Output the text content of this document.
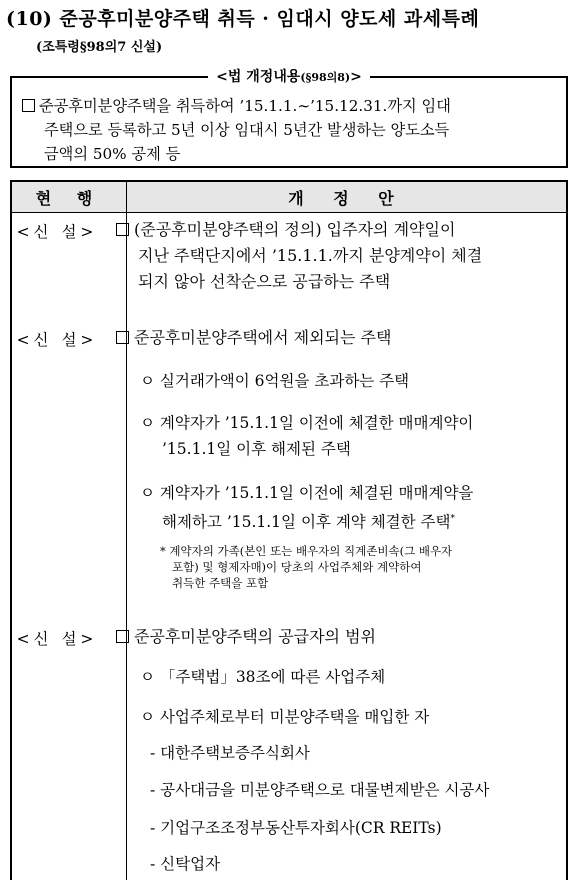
(10) 준공후미분양주택 취득 · 임대시 양도세 과세특례
(조특령§98의7 신설)
<법 개정내용(§98의8)>
준공후미분양주택을 취득하여 ’15.1.1.∼’15.12.31.까지 임대
주택으로 등록하고 5년 이상 임대시 5년간 발생하는 양도소득
금액의 50% 공제 등
현 행	개 정 안
<신 설>	(준공후미분양주택의 정의) 입주자의 계약일이
지난 주택단지에서 ’15.1.1.까지 분양계약이 체결
되지 않아 선착순으로 공급하는 주택
<신 설>	준공후미분양주택에서 제외되는 주택
ㅇ 실거래가액이 6억원을 초과하는 주택
ㅇ 계약자가 ’15.1.1일 이전에 체결한 매매계약이
’15.1.1일 이후 해제된 주택
ㅇ 계약자가 ’15.1.1일 이전에 체결된 매매계약을
해제하고 ’15.1.1일 이후 계약 체결한 주택*
* 계약자의 가족(본인 또는 배우자의 직계존비속(그 배우자
포함) 및 형제자매)이 당초의 사업주체와 계약하여
취득한 주택을 포함
<신 설>	준공후미분양주택의 공급자의 범위
ㅇ 「주택법」38조에 따른 사업주체
ㅇ 사업주체로부터 미분양주택을 매입한 자
- 대한주택보증주식회사
- 공사대금을 미분양주택으로 대물변제받은 시공사
- 기업구조조정부동산투자회사(CR REITs)
- 신탁업자
